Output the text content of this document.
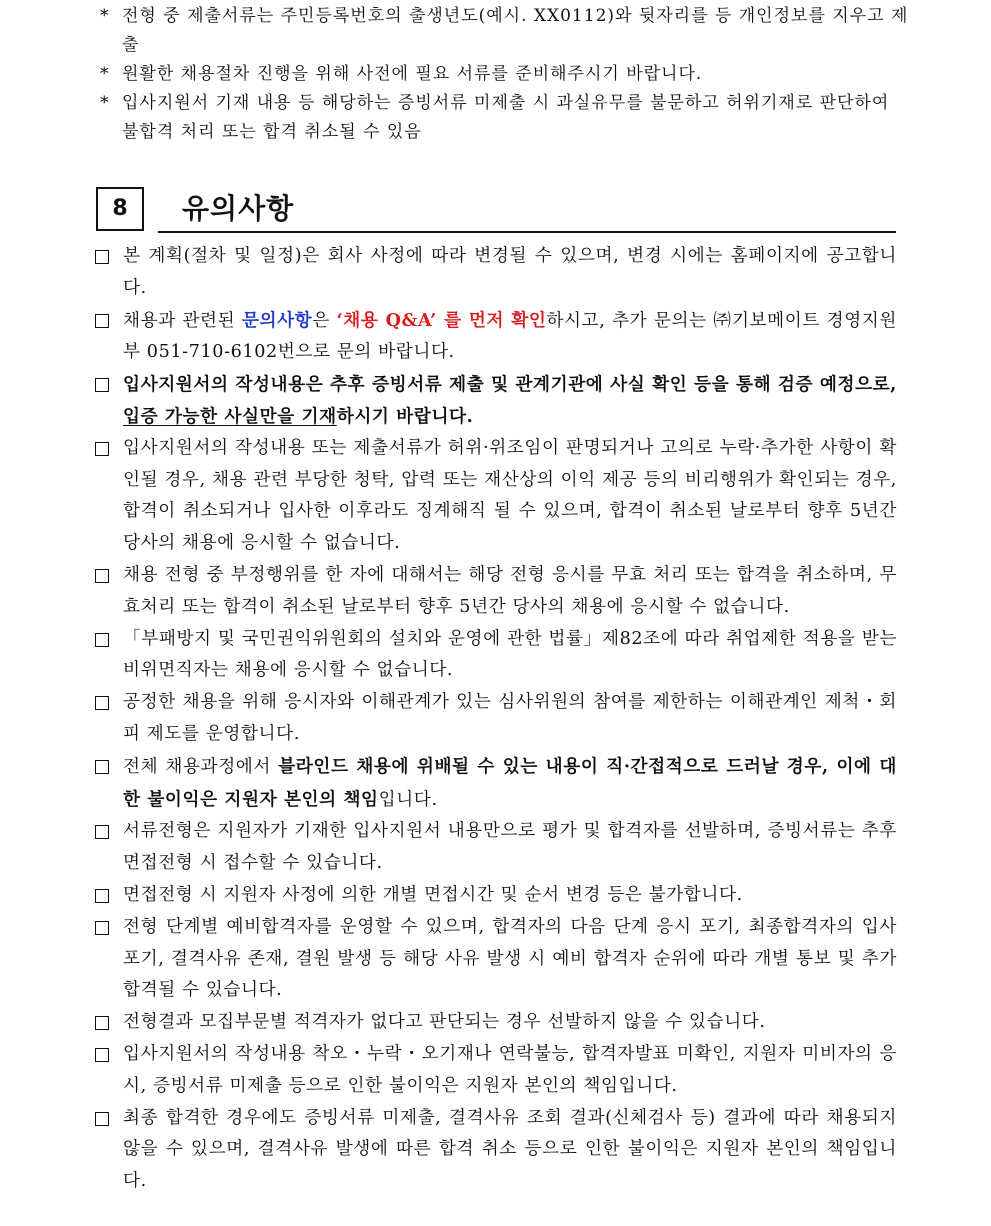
* 전형 중 제출서류는 주민등록번호의 출생년도(예시. XX0112)와 뒷자리를 등 개인정보를 지우고 제출
* 원활한 채용절차 진행을 위해 사전에 필요 서류를 준비해주시기 바랍니다.
* 입사지원서 기재 내용 등 해당하는 증빙서류 미제출 시 과실유무를 불문하고 허위기재로 판단하여 불합격 처리 또는 합격 취소될 수 있음
8	유의사항
본 계획(절차 및 일정)은 회사 사정에 따라 변경될 수 있으며, 변경 시에는 홈페이지에 공고합니다.
채용과 관련된 문의사항은 ‘채용 Q&A’ 를 먼저 확인하시고, 추가 문의는 ㈜기보메이트 경영지원부 051-710-6102번으로 문의 바랍니다.
입사지원서의 작성내용은 추후 증빙서류 제출 및 관계기관에 사실 확인 등을 통해 검증 예정으로, 입증 가능한 사실만을 기재하시기 바랍니다.
입사지원서의 작성내용 또는 제출서류가 허위·위조임이 판명되거나 고의로 누락·추가한 사항이 확인될 경우, 채용 관련 부당한 청탁, 압력 또는 재산상의 이익 제공 등의 비리행위가 확인되는 경우, 합격이 취소되거나 입사한 이후라도 징계해직 될 수 있으며, 합격이 취소된 날로부터 향후 5년간 당사의 채용에 응시할 수 없습니다.
채용 전형 중 부정행위를 한 자에 대해서는 해당 전형 응시를 무효 처리 또는 합격을 취소하며, 무효처리 또는 합격이 취소된 날로부터 향후 5년간 당사의 채용에 응시할 수 없습니다.
「부패방지 및 국민권익위원회의 설치와 운영에 관한 법률」제82조에 따라 취업제한 적용을 받는 비위면직자는 채용에 응시할 수 없습니다.
공정한 채용을 위해 응시자와 이해관계가 있는 심사위원의 참여를 제한하는 이해관계인 제척・회피 제도를 운영합니다.
전체 채용과정에서 블라인드 채용에 위배될 수 있는 내용이 직·간접적으로 드러날 경우, 이에 대한 불이익은 지원자 본인의 책임입니다.
서류전형은 지원자가 기재한 입사지원서 내용만으로 평가 및 합격자를 선발하며, 증빙서류는 추후 면접전형 시 접수할 수 있습니다.
면접전형 시 지원자 사정에 의한 개별 면접시간 및 순서 변경 등은 불가합니다.
전형 단계별 예비합격자를 운영할 수 있으며, 합격자의 다음 단계 응시 포기, 최종합격자의 입사 포기, 결격사유 존재, 결원 발생 등 해당 사유 발생 시 예비 합격자 순위에 따라 개별 통보 및 추가 합격될 수 있습니다.
전형결과 모집부문별 적격자가 없다고 판단되는 경우 선발하지 않을 수 있습니다.
입사지원서의 작성내용 착오・누락・오기재나 연락불능, 합격자발표 미확인, 지원자 미비자의 응시, 증빙서류 미제출 등으로 인한 불이익은 지원자 본인의 책임입니다.
최종 합격한 경우에도 증빙서류 미제출, 결격사유 조회 결과(신체검사 등) 결과에 따라 채용되지 않을 수 있으며, 결격사유 발생에 따른 합격 취소 등으로 인한 불이익은 지원자 본인의 책임입니다.
